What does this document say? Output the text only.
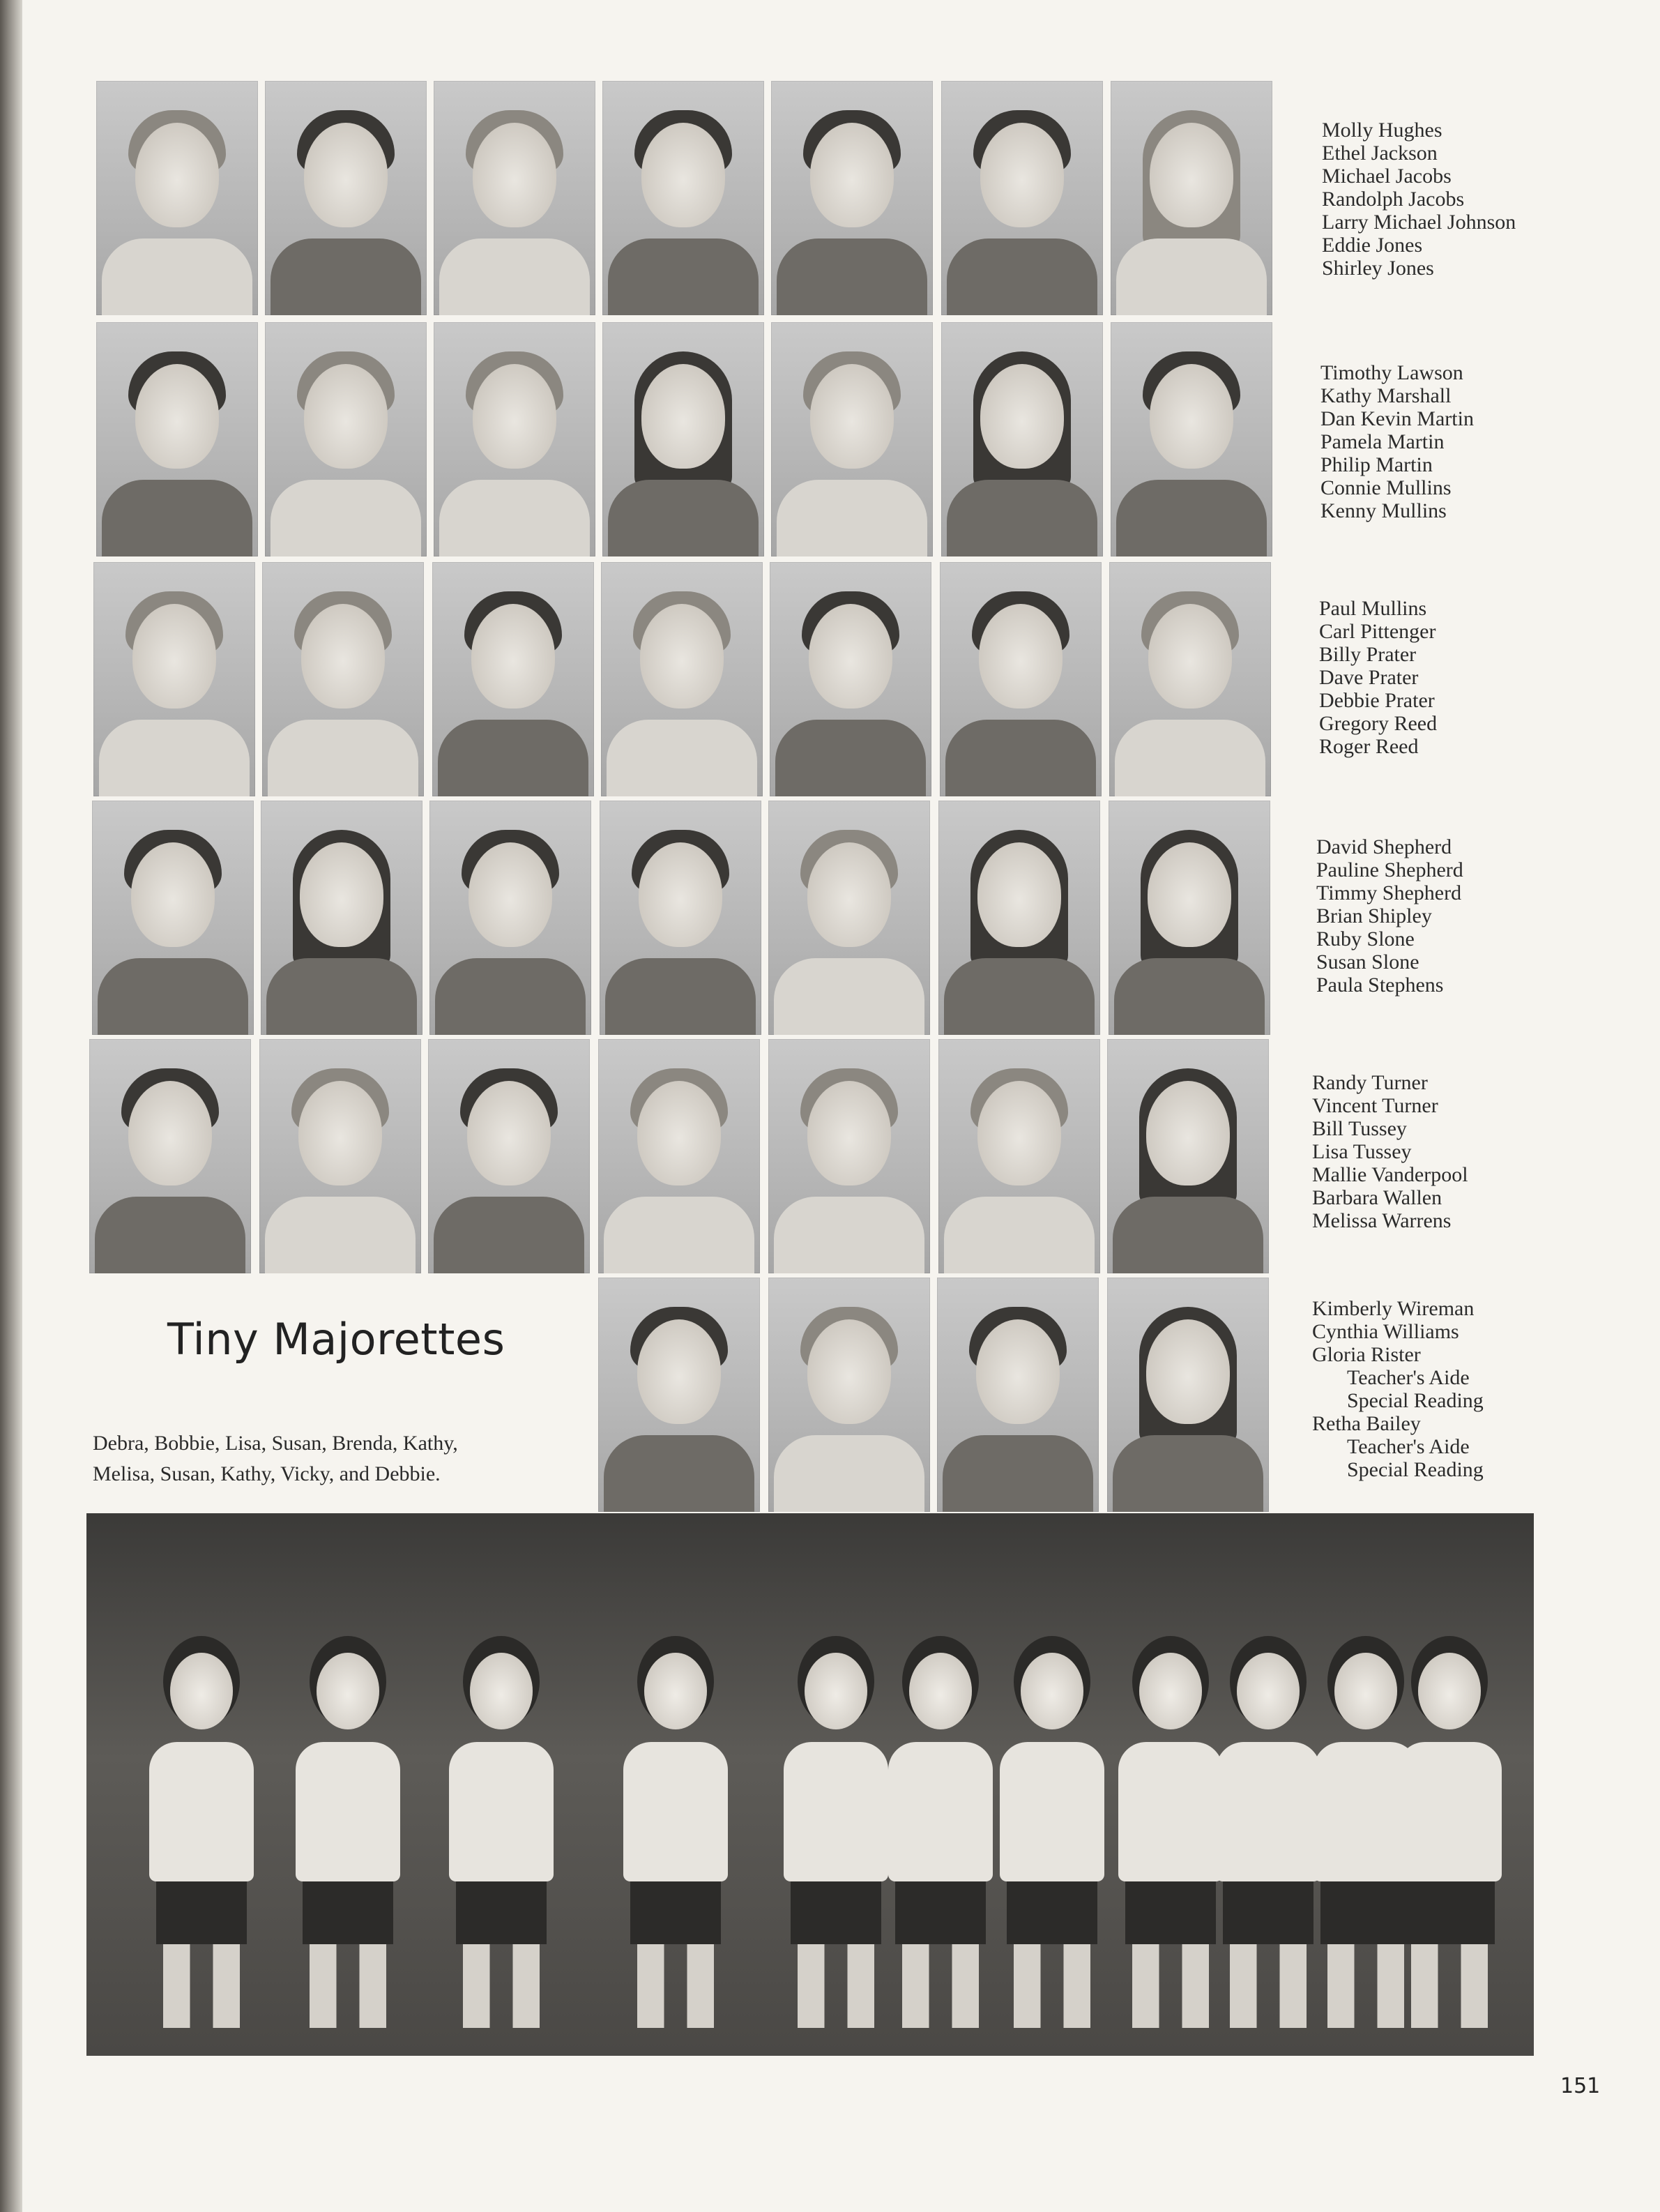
Molly Hughes
Ethel Jackson
Michael Jacobs
Randolph Jacobs
Larry Michael Johnson
Eddie Jones
Shirley Jones
Timothy Lawson
Kathy Marshall
Dan Kevin Martin
Pamela Martin
Philip Martin
Connie Mullins
Kenny Mullins
Paul Mullins
Carl Pittenger
Billy Prater
Dave Prater
Debbie Prater
Gregory Reed
Roger Reed
David Shepherd
Pauline Shepherd
Timmy Shepherd
Brian Shipley
Ruby Slone
Susan Slone
Paula Stephens
Randy Turner
Vincent Turner
Bill Tussey
Lisa Tussey
Mallie Vanderpool
Barbara Wallen
Melissa Warrens
Tiny Majorettes
Debra, Bobbie, Lisa, Susan, Brenda, Kathy,
Melisa, Susan, Kathy, Vicky, and Debbie.
Kimberly Wireman
Cynthia Williams
Gloria Rister
Teacher's Aide
Special Reading
Retha Bailey
Teacher's Aide
Special Reading
151
